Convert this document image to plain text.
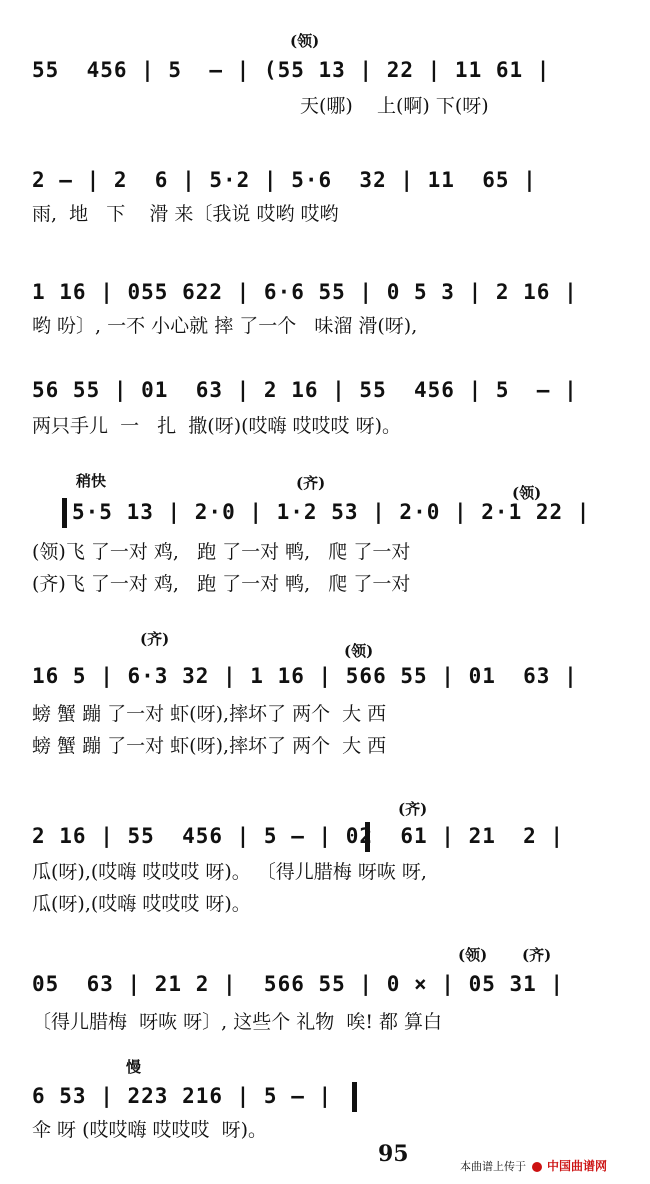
(领)
55  456 | 5  — | (55 13 | 22 | 11 61 |
天(哪)    上(啊) 下(呀)
2 — | 2  6 | 5·2 | 5·6  32 | 11  65 |
雨,  地   下    滑 来〔我说 哎哟 哎哟
1 16 | 055 622 | 6·6 55 | 0 5 3 | 2 16 |
哟 吩〕, 一不 小心就 摔 了一个   味溜 滑(呀),
56 55 | 01  63 | 2 16 | 55  456 | 5  — |
两只手儿  一   扎  撒(呀)(哎嗨 哎哎哎 呀)。
稍快	(齐)
(领)
5·5 13 | 2·0 | 1·2 53 | 2·0 | 2·1 22 |
(领)飞 了一对 鸡,   跑 了一对 鸭,   爬 了一对
(齐)飞 了一对 鸡,   跑 了一对 鸭,   爬 了一对
(齐)
(领)
16 5 | 6·3 32 | 1 16 | 566 55 | 01  63 |
螃 蟹 蹦 了一对 虾(呀),摔坏了 两个  大 西
螃 蟹 蹦 了一对 虾(呀),摔坏了 两个  大 西
(齐)
2 16 | 55  456 | 5 — | 02  61 | 21  2 |
瓜(呀),(哎嗨 哎哎哎 呀)。 〔得儿腊梅 呀咴 呀,
瓜(呀),(哎嗨 哎哎哎 呀)。
(领) (齐)
05  63 | 21 2 |  566 55 | 0 × | 05 31 |
〔得儿腊梅  呀咴 呀〕, 这些个 礼物  唉! 都 算白
慢
6 53 | 223 216 | 5 — |
伞 呀 (哎哎嗨 哎哎哎  呀)。
95	本曲谱上传于 中国曲谱网
